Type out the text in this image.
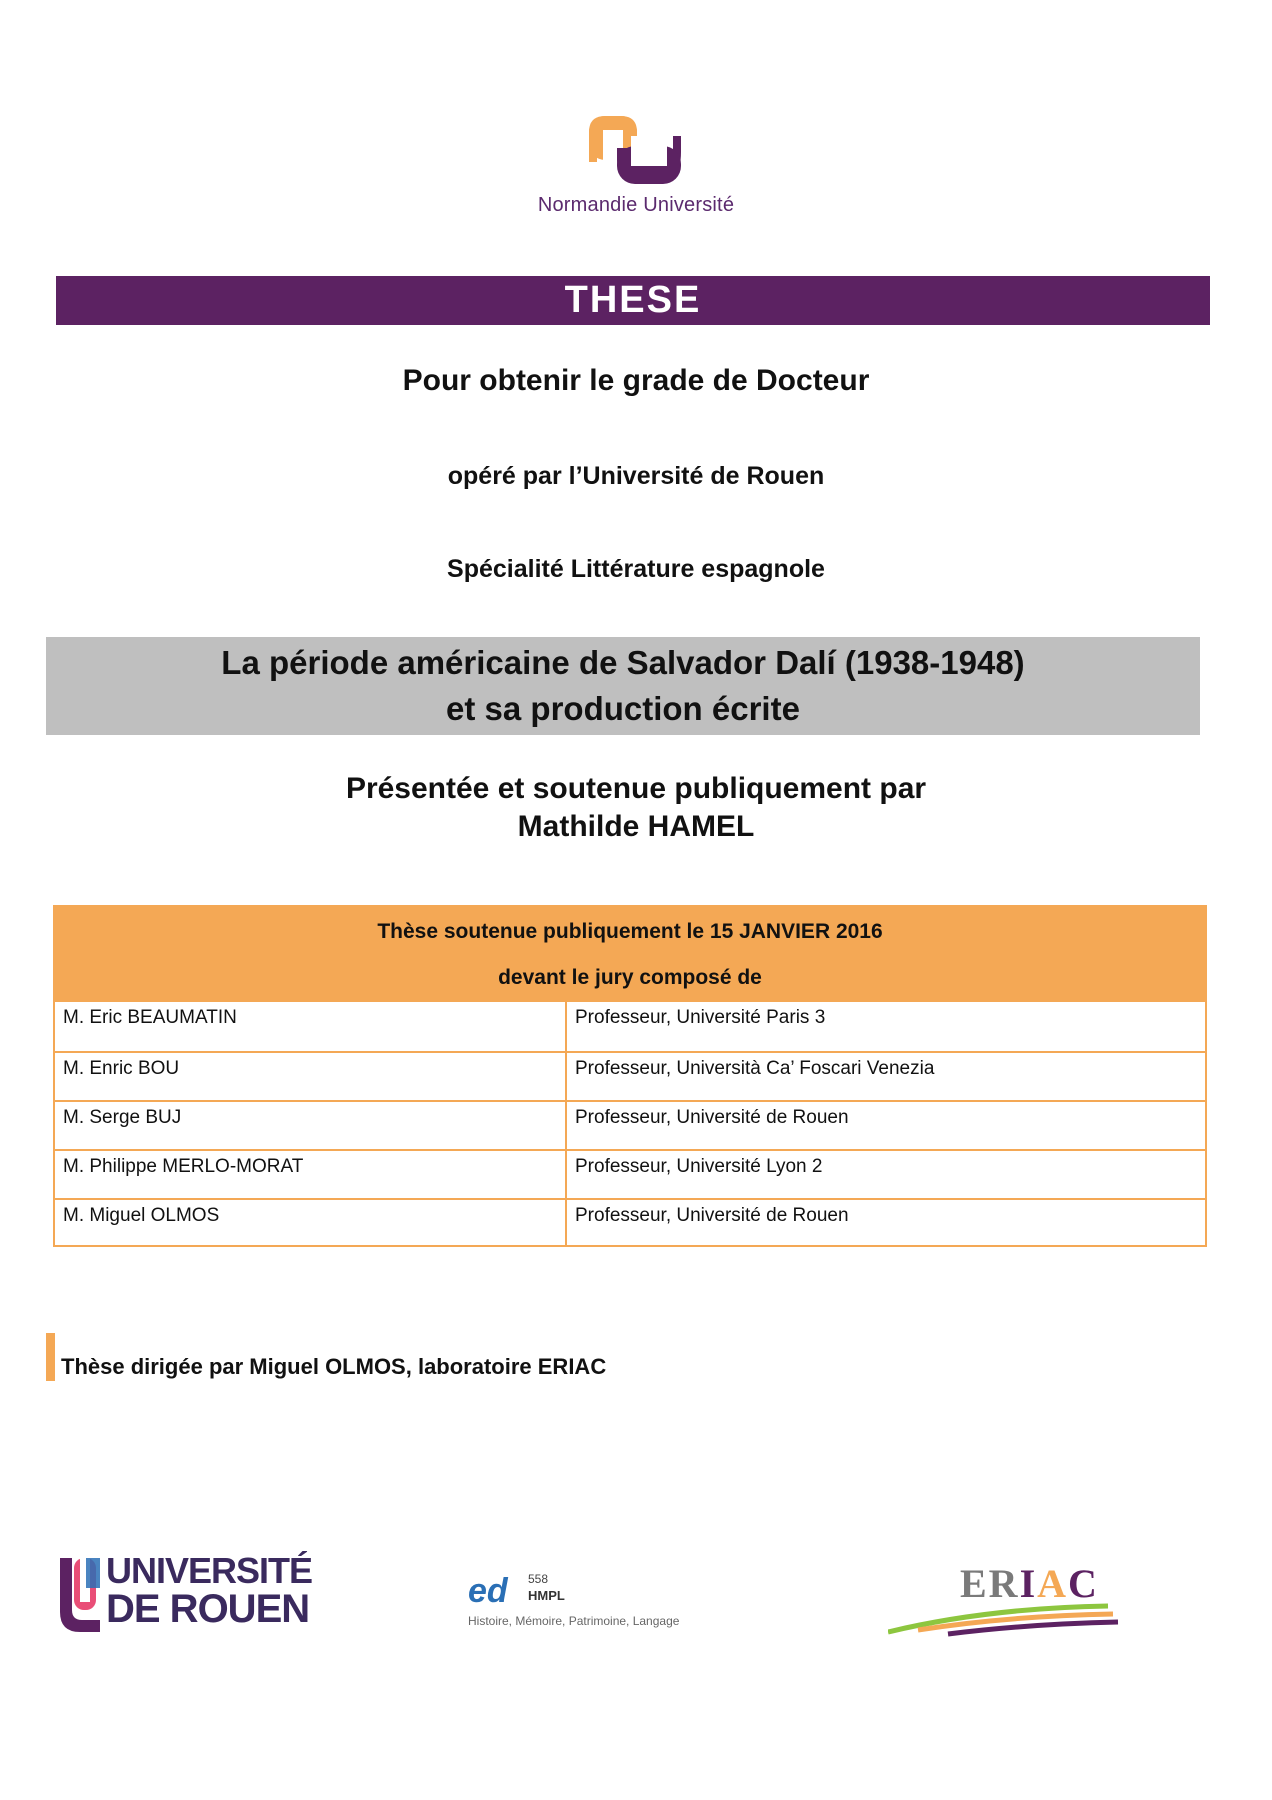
Normandie Université
THESE
Pour obtenir le grade de Docteur
opéré par l’Université de Rouen
Spécialité Littérature espagnole
La période américaine de Salvador Dalí (1938-1948)
et sa production écrite
Présentée et soutenue publiquement par
Mathilde HAMEL
Thèse soutenue publiquement le 15 JANVIER 2016
devant le jury composé de
M. Eric BEAUMATIN	Professeur, Université Paris 3
M. Enric BOU	Professeur, Università Ca’ Foscari Venezia
M. Serge BUJ	Professeur, Université de Rouen
M. Philippe MERLO-MORAT	Professeur, Université Lyon 2
M. Miguel OLMOS	Professeur, Université de Rouen
Thèse dirigée par Miguel OLMOS, laboratoire ERIAC
UNIVERSITÉ
DE ROUEN	ed 558
HMPL
Histoire, Mémoire, Patrimoine, Langage
ERIAC
